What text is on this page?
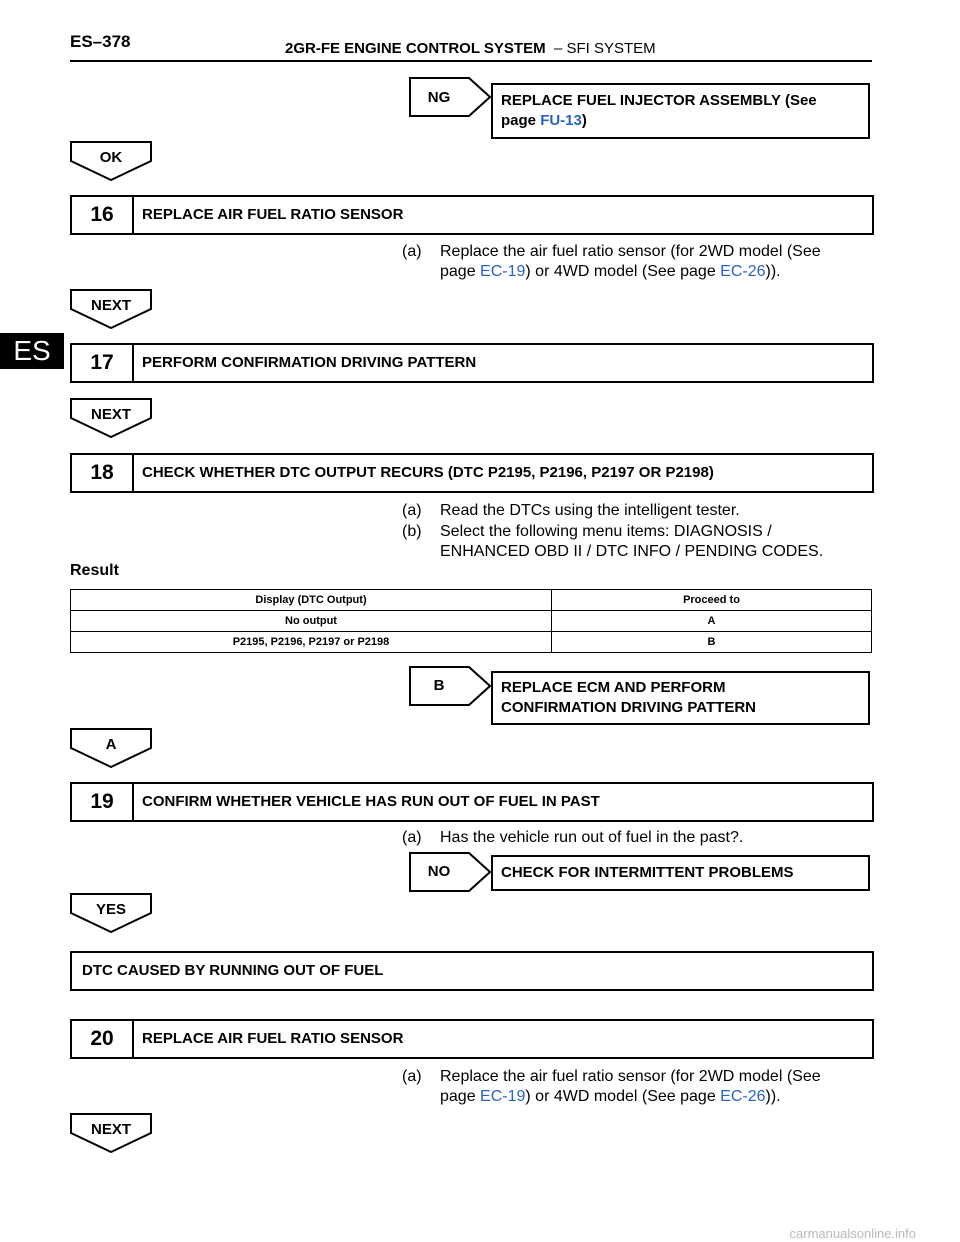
ES–378	2GR-FE ENGINE CONTROL SYSTEM – SFI SYSTEM
ES
NG	REPLACE FUEL INJECTOR ASSEMBLY (See
page FU-13)
OK
16	REPLACE AIR FUEL RATIO SENSOR
(a) Replace the air fuel ratio sensor (for 2WD model (See
page EC-19) or 4WD model (See page EC-26)).
NEXT
17	PERFORM CONFIRMATION DRIVING PATTERN
NEXT
18	CHECK WHETHER DTC OUTPUT RECURS (DTC P2195, P2196, P2197 OR P2198)
(a) Read the DTCs using the intelligent tester.
(b) Select the following menu items: DIAGNOSIS /
ENHANCED OBD II / DTC INFO / PENDING CODES.
Result
Display (DTC Output)	Proceed to
No output	A
P2195, P2196, P2197 or P2198	B
B	REPLACE ECM AND PERFORM
CONFIRMATION DRIVING PATTERN
A
19	CONFIRM WHETHER VEHICLE HAS RUN OUT OF FUEL IN PAST
(a) Has the vehicle run out of fuel in the past?.
NO	CHECK FOR INTERMITTENT PROBLEMS
YES
DTC CAUSED BY RUNNING OUT OF FUEL
20	REPLACE AIR FUEL RATIO SENSOR
(a) Replace the air fuel ratio sensor (for 2WD model (See
page EC-19) or 4WD model (See page EC-26)).
NEXT
carmanualsonline.info
